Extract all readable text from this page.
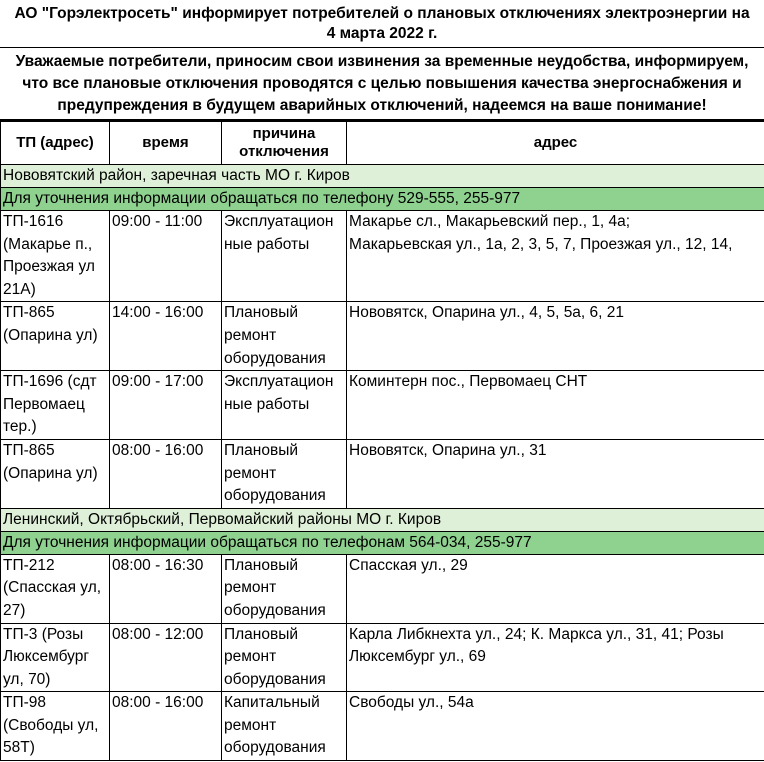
АО "Горэлектросеть" информирует потребителей о плановых отключениях электроэнергии на
4 марта 2022 г.
Уважаемые потребители, приносим свои извинения за временные неудобства, информируем,
что все плановые отключения проводятся с целью повышения качества энергоснабжения и
предупреждения в будущем аварийных отключений, надеемся на ваше понимание!
ТП (адрес)	время	причина
отключения	адрес
Нововятский район, заречная часть МО г. Киров			
Для уточнения информации обращаться по телефону 529-555, 255-977			

ТП-1616
(Макарье п.,
Проезжая ул
21А)	09:00 - 11:00	Эксплуатацион
ные работы	Макарье сл., Макарьевский пер., 1, 4а;
Макарьевская ул., 1а, 2, 3, 5, 7, Проезжая ул., 12, 14,

ТП-865
(Опарина ул)	14:00 - 16:00	Плановый
ремонт
оборудования	Нововятск, Опарина ул., 4, 5, 5а, 6, 21

ТП-1696 (сдт
Первомаец
тер.)	09:00 - 17:00	Эксплуатацион
ные работы	Коминтерн пос., Первомаец СНТ

ТП-865
(Опарина ул)	08:00 - 16:00	Плановый
ремонт
оборудования	Нововятск, Опарина ул., 31

Ленинский, Октябрьский, Первомайский районы МО г. Киров			
Для уточнения информации обращаться по телефонам 564-034, 255-977			

ТП-212
(Спасская ул,
27)	08:00 - 16:30	Плановый
ремонт
оборудования	Спасская ул., 29

ТП-3 (Розы
Люксембург
ул, 70)	08:00 - 12:00	Плановый
ремонт
оборудования	Карла Либкнехта ул., 24; К. Маркса ул., 31, 41; Розы
Люксембург ул., 69

ТП-98
(Свободы ул,
58Т)	08:00 - 16:00	Капитальный
ремонт
оборудования	Свободы ул., 54а
